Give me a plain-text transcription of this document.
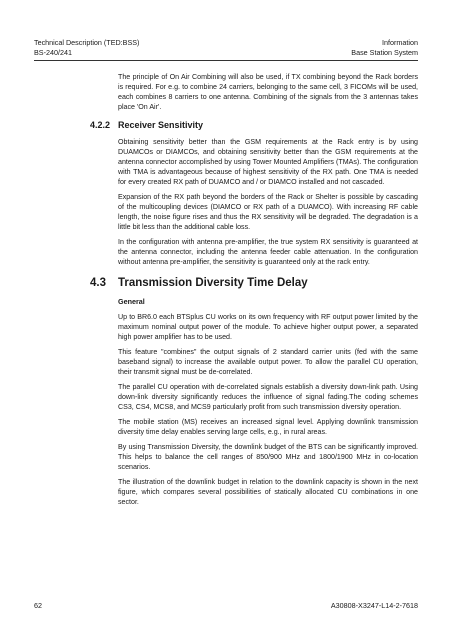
Technical Description (TED:BSS)
BS-240/241
Information
Base Station System

The principle of On Air Combining will also be used, if TX combining beyond the Rack borders is required. For e.g. to combine 24 carriers, belonging to the same cell, 3 FICOMs will be used, each combines 8 carriers to one antenna. Combining of the signals from the 3 antennas takes place 'On Air'.

4.2.2 Receiver Sensitivity

Obtaining sensitivity better than the GSM requirements at the Rack entry is by using DUAMCOs or DIAMCOs, and obtaining sensitivity better than the GSM requirements at the antenna connector accomplished by using Tower Mounted Amplifiers (TMAs). The configuration with TMA is advantageous because of highest sensitivity of the RX path. One TMA is needed for every created RX path of DUAMCO and / or DIAMCO installed and not cascaded.

Expansion of the RX path beyond the borders of the Rack or Shelter is possible by cascading of the multicoupling devices (DIAMCO or RX path of a DUAMCO). With increasing RF cable length, the noise figure rises and thus the RX sensitivity will be degraded. The degradation is a little bit less than the additional cable loss.

In the configuration with antenna pre-amplifier, the true system RX sensitivity is guaranteed at the antenna connector, including the antenna feeder cable attenuation. In the configuration without antenna pre-amplifier, the sensitivity is guaranteed only at the rack entry.

4.3 Transmission Diversity Time Delay
General

Up to BR6.0 each BTSplus CU works on its own frequency with RF output power limited by the maximum nominal output power of the module. To achieve higher output power, a separated high power amplifier has to be used.

This feature "combines" the output signals of 2 standard carrier units (fed with the same baseband signal) to increase the available output power. To allow the parallel CU operation, their transmit signal must be de-correlated.

The parallel CU operation with de-correlated signals establish a diversity down-link path. Using down-link diversity significantly reduces the influence of signal fading.The coding schemes CS3, CS4, MCS8, and MCS9 particularly profit from such transmission diversity operation.

The mobile station (MS) receives an increased signal level. Applying downlink transmission diversity time delay enables serving large cells, e.g., in rural areas.

By using Transmission Diversity, the downlink budget of the BTS can be significantly improved. This helps to balance the cell ranges of 850/900 MHz and 1800/1900 MHz in co-location scenarios.

The illustration of the downlink budget in relation to the downlink capacity is shown in the next figure, which compares several possibilities of statically allocated CU combinations in one sector.

62	A30808-X3247-L14-2-7618
